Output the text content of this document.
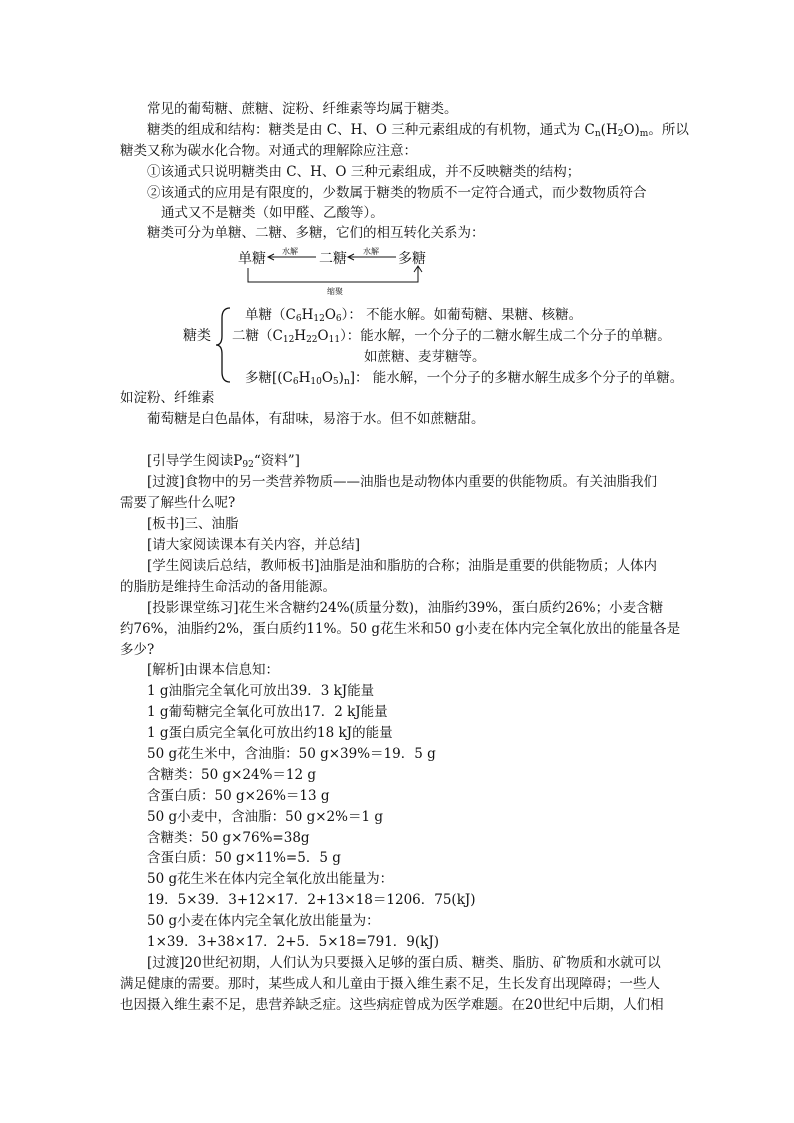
常见的葡萄糖、蔗糖、淀粉、纤维素等均属于糖类。
糖类的组成和结构：糖类是由 C、H、O 三种元素组成的有机物，通式为 $C_n(H_2O)_m$。所以
糖类又称为碳水化合物。对通式的理解除应注意：
①该通式只说明糖类由 C、H、O 三种元素组成，并不反映糖类的结构；
②该通式的应用是有限度的，少数属于糖类的物质不一定符合通式，而少数物质符合
通式又不是糖类（如甲醛、乙酸等）。
糖类可分为单糖、二糖、多糖，它们的相互转化关系为：
单糖	二糖	多糖
水解	水解
缩聚
糖类
单糖$(C_6H_{12}O_6)$： 不能水解。如葡萄糖、果糖、核糖。
二糖$(C_{12}H_{22}O_{11})$：能水解，一个分子的二糖水解生成二个分子的单糖。
如蔗糖、麦芽糖等。
多糖$[(C_6H_{10}O_5)_n]$： 能水解，一个分子的多糖水解生成多个分子的单糖。
如淀粉、纤维素
葡萄糖是白色晶体，有甜味，易溶于水。但不如蔗糖甜。
[引导学生阅读$P_{92}“$资料”]
[过渡]食物中的另一类营养物质——油脂也是动物体内重要的供能物质。有关油脂我们
需要了解些什么呢?
[板书]三、油脂
[请大家阅读课本有关内容，并总结]
[学生阅读后总结，教师板书]油脂是油和脂肪的合称；油脂是重要的供能物质；人体内
的脂肪是维持生命活动的备用能源。
[投影课堂练习]花生米含糖约24%(质量分数)，油脂约39%，蛋白质约26%；小麦含糖
约76%，油脂约2%，蛋白质约11%。50 g花生米和50 g小麦在体内完全氧化放出的能量各是
多少?
[解析]由课本信息知：
1 g油脂完全氧化可放出39．3 kJ能量
1 g葡萄糖完全氧化可放出17．2 kJ能量
1 g蛋白质完全氧化可放出约18 kJ的能量
50 g花生米中，含油脂：50 g×39%＝19．5 g
含糖类：50 g×24%＝12 g
含蛋白质：50 g×26%＝13 g
50 g小麦中，含油脂：50 g×2%＝1 g
含糖类：50 g×76%=38g
含蛋白质：50 g×11%=5．5 g
50 g花生米在体内完全氧化放出能量为：
19．5×39．3+12×17．2+13×18＝1206．75(kJ)
50 g小麦在体内完全氧化放出能量为：
1×39．3+38×17．2+5．5×18=791．9(kJ)
[过渡]20世纪初期，人们认为只要摄入足够的蛋白质、糖类、脂肪、矿物质和水就可以
满足健康的需要。那时，某些成人和儿童由于摄入维生素不足，生长发育出现障碍；一些人
也因摄入维生素不足，患营养缺乏症。这些病症曾成为医学难题。在20世纪中后期，人们相
